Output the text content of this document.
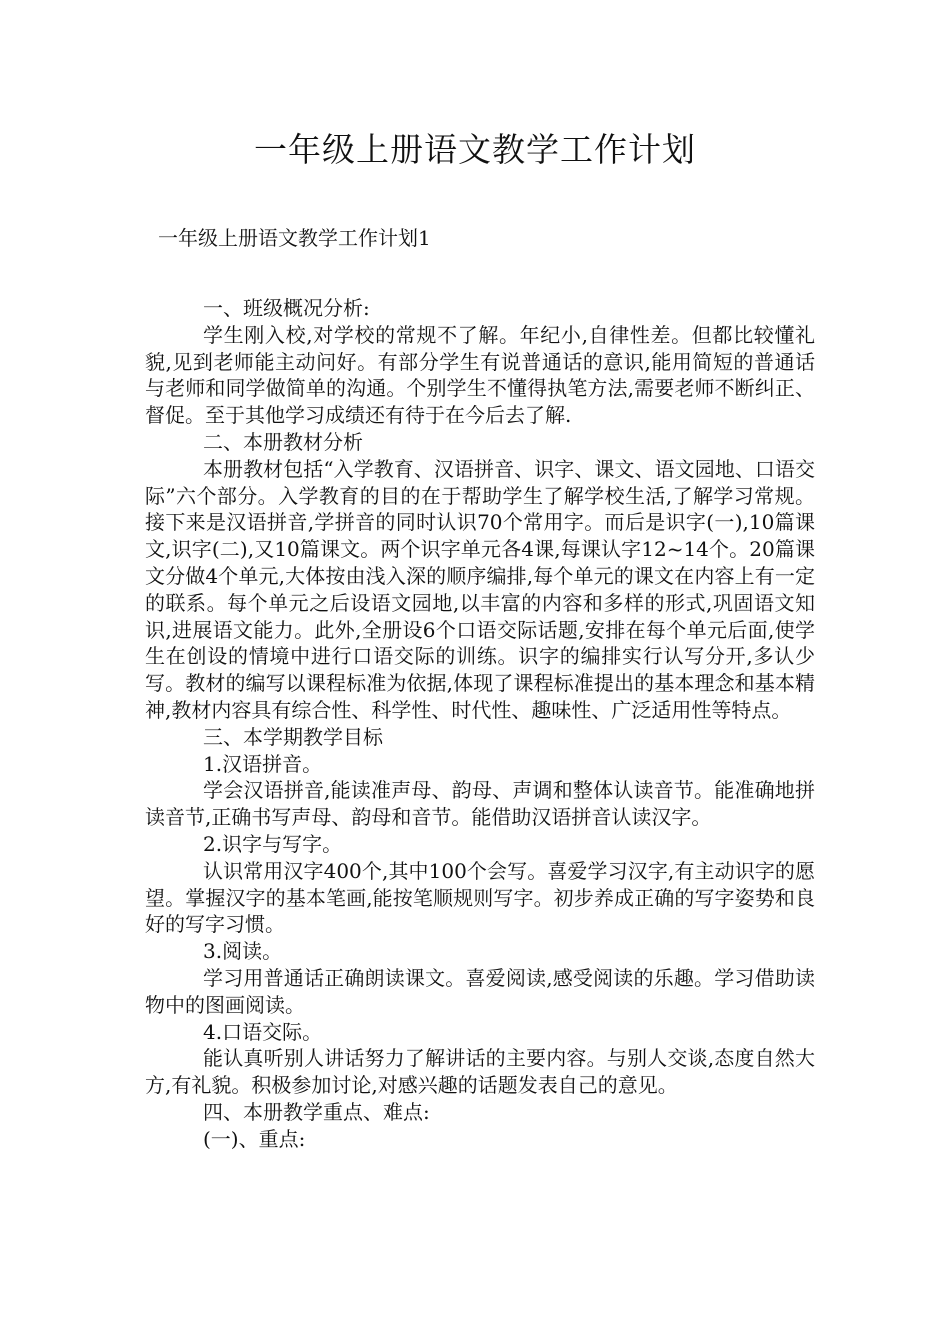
一年级上册语文教学工作计划
一年级上册语文教学工作计划1

一、班级概况分析:

学生刚入校,对学校的常规不了解。年纪小,自律性差。但都比较懂礼貌,见到老师能主动问好。有部分学生有说普通话的意识,能用简短的普通话与老师和同学做简单的沟通。个别学生不懂得执笔方法,需要老师不断纠正、督促。至于其他学习成绩还有待于在今后去了解.

二、本册教材分析

本册教材包括“入学教育、汉语拼音、识字、课文、语文园地、口语交际”六个部分。入学教育的目的在于帮助学生了解学校生活,了解学习常规。接下来是汉语拼音,学拼音的同时认识70个常用字。而后是识字(一),10篇课文,识字(二),又10篇课文。两个识字单元各4课,每课认字12~14个。20篇课文分做4个单元,大体按由浅入深的顺序编排,每个单元的课文在内容上有一定的联系。每个单元之后设语文园地,以丰富的内容和多样的形式,巩固语文知识,进展语文能力。此外,全册设6个口语交际话题,安排在每个单元后面,使学生在创设的情境中进行口语交际的训练。识字的编排实行认写分开,多认少写。教材的编写以课程标准为依据,体现了课程标准提出的基本理念和基本精神,教材内容具有综合性、科学性、时代性、趣味性、广泛适用性等特点。

三、本学期教学目标

1.汉语拼音。

学会汉语拼音,能读准声母、韵母、声调和整体认读音节。能准确地拼读音节,正确书写声母、韵母和音节。能借助汉语拼音认读汉字。

2.识字与写字。

认识常用汉字400个,其中100个会写。喜爱学习汉字,有主动识字的愿望。掌握汉字的基本笔画,能按笔顺规则写字。初步养成正确的写字姿势和良好的写字习惯。

3.阅读。

学习用普通话正确朗读课文。喜爱阅读,感受阅读的乐趣。学习借助读物中的图画阅读。

4.口语交际。

能认真听别人讲话努力了解讲话的主要内容。与别人交谈,态度自然大方,有礼貌。积极参加讨论,对感兴趣的话题发表自己的意见。

四、本册教学重点、难点:

(一)、重点:
